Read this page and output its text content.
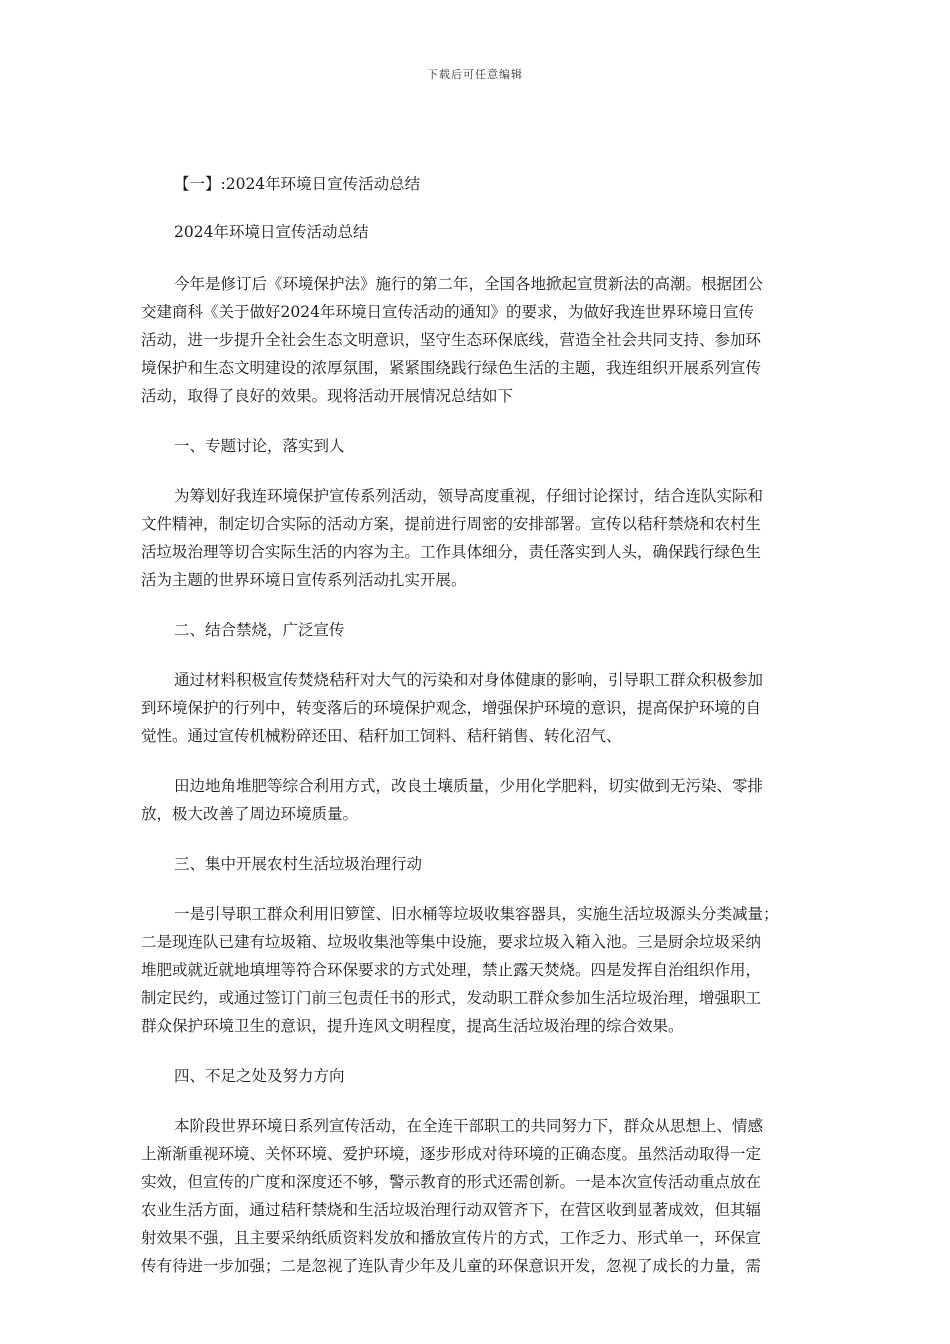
下载后可任意编辑

【一】:2024年环境日宣传活动总结

2024年环境日宣传活动总结

今年是修订后《环境保护法》施行的第二年，全国各地掀起宣贯新法的高潮。根据团公

交建商科《关于做好2024年环境日宣传活动的通知》的要求，为做好我连世界环境日宣传

活动，进一步提升全社会生态文明意识，坚守生态环保底线，营造全社会共同支持、参加环

境保护和生态文明建设的浓厚氛围，紧紧围绕践行绿色生活的主题，我连组织开展系列宣传

活动，取得了良好的效果。现将活动开展情况总结如下

一、专题讨论，落实到人

为筹划好我连环境保护宣传系列活动，领导高度重视，仔细讨论探讨，结合连队实际和

文件精神，制定切合实际的活动方案，提前进行周密的安排部署。宣传以秸秆禁烧和农村生

活垃圾治理等切合实际生活的内容为主。工作具体细分，责任落实到人头，确保践行绿色生

活为主题的世界环境日宣传系列活动扎实开展。

二、结合禁烧，广泛宣传

通过材料积极宣传焚烧秸秆对大气的污染和对身体健康的影响，引导职工群众积极参加

到环境保护的行列中，转变落后的环境保护观念，增强保护环境的意识，提高保护环境的自

觉性。通过宣传机械粉碎还田、秸秆加工饲料、秸秆销售、转化沼气、

田边地角堆肥等综合利用方式，改良土壤质量，少用化学肥料，切实做到无污染、零排

放，极大改善了周边环境质量。

三、集中开展农村生活垃圾治理行动

一是引导职工群众利用旧箩筐、旧水桶等垃圾收集容器具，实施生活垃圾源头分类减量；

二是现连队已建有垃圾箱、垃圾收集池等集中设施，要求垃圾入箱入池。三是厨余垃圾采纳

堆肥或就近就地填埋等符合环保要求的方式处理，禁止露天焚烧。四是发挥自治组织作用，

制定民约，或通过签订门前三包责任书的形式，发动职工群众参加生活垃圾治理，增强职工

群众保护环境卫生的意识，提升连风文明程度，提高生活垃圾治理的综合效果。

四、不足之处及努力方向

本阶段世界环境日系列宣传活动，在全连干部职工的共同努力下，群众从思想上、情感

上渐渐重视环境、关怀环境、爱护环境，逐步形成对待环境的正确态度。虽然活动取得一定

实效，但宣传的广度和深度还不够，警示教育的形式还需创新。一是本次宣传活动重点放在

农业生活方面，通过秸秆禁烧和生活垃圾治理行动双管齐下，在营区收到显著成效，但其辐

射效果不强，且主要采纳纸质资料发放和播放宣传片的方式，工作乏力、形式单一，环保宣

传有待进一步加强；二是忽视了连队青少年及儿童的环保意识开发，忽视了成长的力量，需
